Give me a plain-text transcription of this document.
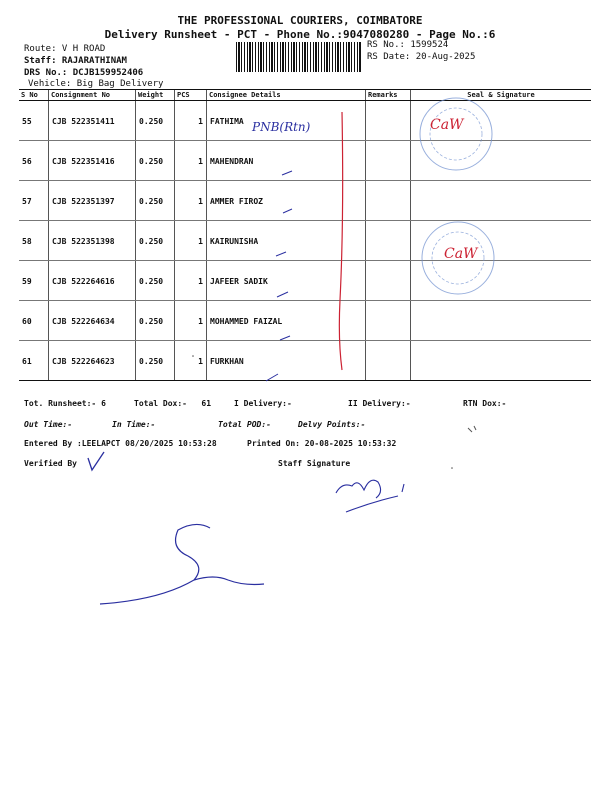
THE PROFESSIONAL COURIERS, COIMBATORE
Delivery Runsheet - PCT - Phone No.:9047080280 - Page No.:6
Route: V H ROAD
Staff: RAJARATHINAM
DRS No.: DCJB159952406
Vehicle: Big Bag Delivery
RS No.: 1599524
RS Date: 20-Aug-2025
S No	Consignment No	Weight	PCS	Consignee Details	Remarks	Seal & Signature
55	CJB 522351411	0.250	1	FATHIMA		
56	CJB 522351416	0.250	1	MAHENDRAN		
57	CJB 522351397	0.250	1	AMMER FIROZ		
58	CJB 522351398	0.250	1	KAIRUNISHA		
59	CJB 522264616	0.250	1	JAFEER SADIK		
60	CJB 522264634	0.250	1	MOHAMMED FAIZAL		
61	CJB 522264623	0.250	1	FURKHAN		
Tot. Runsheet:- 6	Total Dox:-   61	I Delivery:-	II Delivery:-	RTN Dox:-
Out Time:-	In Time:-	Total POD:-	Delvy Points:-
Entered By :LEELAPCT 08/20/2025 10:53:28	Printed On: 20-08-2025 10:53:32
Verified By	Staff Signature
PNB(Rtn)	CaW
CaW
